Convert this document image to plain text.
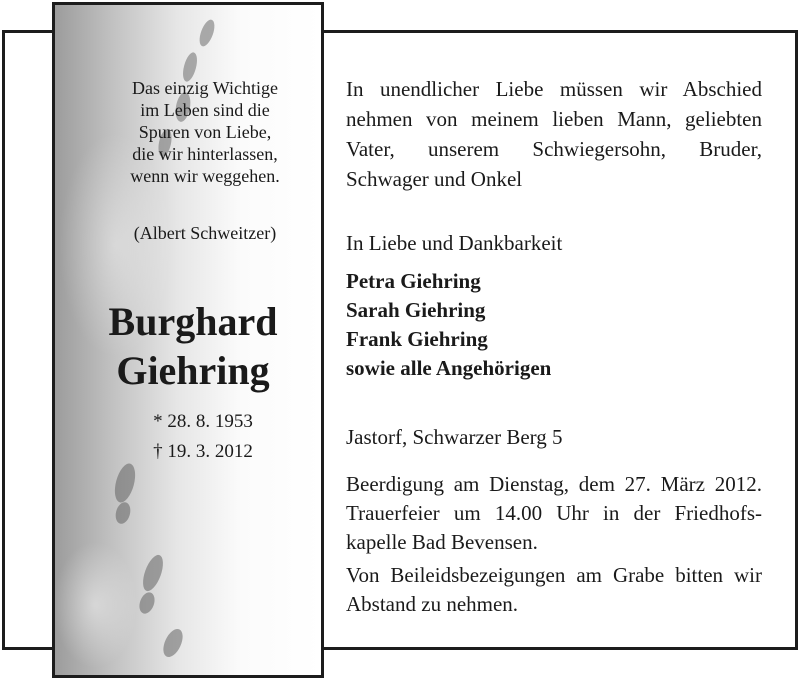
Das einzig Wichtige
im Leben sind die
Spuren von Liebe,
die wir hinterlassen,
wenn wir weggehen.
(Albert Schweitzer)
Burghard
Giehring
* 28. 8. 1953
† 19. 3. 2012
In unendlicher Liebe müssen wir Abschied nehmen von meinem lieben Mann, geliebten Vater, unserem Schwiegersohn, Bruder, Schwager und Onkel
In Liebe und Dankbarkeit
Petra Giehring
Sarah Giehring
Frank Giehring
sowie alle Angehörigen
Jastorf, Schwarzer Berg 5
Beerdigung am Dienstag, dem 27. März 2012. Trauerfeier um 14.00 Uhr in der Friedhofskapelle Bad Bevensen.
Von Beileidsbezeigungen am Grabe bitten wir Abstand zu nehmen.
